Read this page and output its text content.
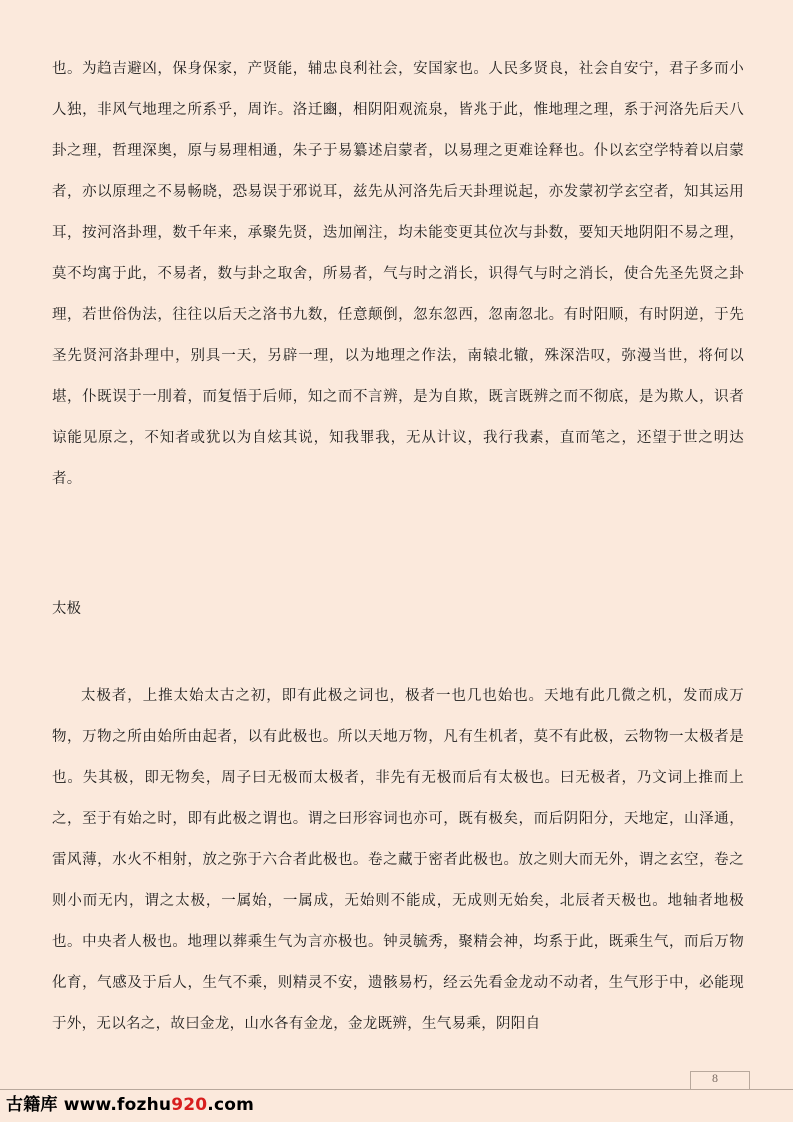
也。为趋吉避凶，保身保家，产贤能，辅忠良利社会，安国家也。人民多贤良，社会自安宁，君子多而小人独，非风气地理之所系乎，周诈。洛迁豳，相阴阳观流泉，皆兆于此，惟地理之理，系于河洛先后天八卦之理，哲理深奥，原与易理相通，朱子于易纂述启蒙者，以易理之更难诠释也。仆以玄空学特着以启蒙者，亦以原理之不易畅晓，恐易误于邪说耳，兹先从河洛先后天卦理说起，亦发蒙初学玄空者，知其运用耳，按河洛卦理，数千年来，承聚先贤，迭加阐注，均未能变更其位次与卦数，要知天地阴阳不易之理，莫不均寓于此，不易者，数与卦之取舍，所易者，气与时之消长，识得气与时之消长，使合先圣先贤之卦理，若世俗伪法，往往以后天之洛书九数，任意颠倒，忽东忽西，忽南忽北。有时阳顺，有时阴逆，于先圣先贤河洛卦理中，别具一天，另辟一理，以为地理之作法，南辕北辙，殊深浩叹，弥漫当世，将何以堪，仆既误于一刖着，而复悟于后师，知之而不言辨，是为自欺，既言既辨之而不彻底，是为欺人，识者谅能见原之，不知者或犹以为自炫其说，知我罪我，无从计议，我行我素，直而笔之，还望于世之明达者。

太极

太极者，上推太始太古之初，即有此极之词也，极者一也几也始也。天地有此几微之机，发而成万物，万物之所由始所由起者，以有此极也。所以天地万物，凡有生机者，莫不有此极，云物物一太极者是也。失其极，即无物矣，周子曰无极而太极者，非先有无极而后有太极也。曰无极者，乃文词上推而上之，至于有始之时，即有此极之谓也。谓之曰形容词也亦可，既有极矣，而后阴阳分，天地定，山泽通，雷风薄，水火不相射，放之弥于六合者此极也。卷之藏于密者此极也。放之则大而无外，谓之玄空，卷之则小而无内，谓之太极，一属始，一属成，无始则不能成，无成则无始矣，北辰者天极也。地轴者地极也。中央者人极也。地理以葬乘生气为言亦极也。钟灵毓秀，聚精会神，均系于此，既乘生气，而后万物化育，气感及于后人，生气不乘，则精灵不安，遗骸易朽，经云先看金龙动不动者，生气形于中，必能现于外，无以名之，故曰金龙，山水各有金龙，金龙既辨，生气易乘，阴阳自

8
古籍库 www.fozhu920.com
